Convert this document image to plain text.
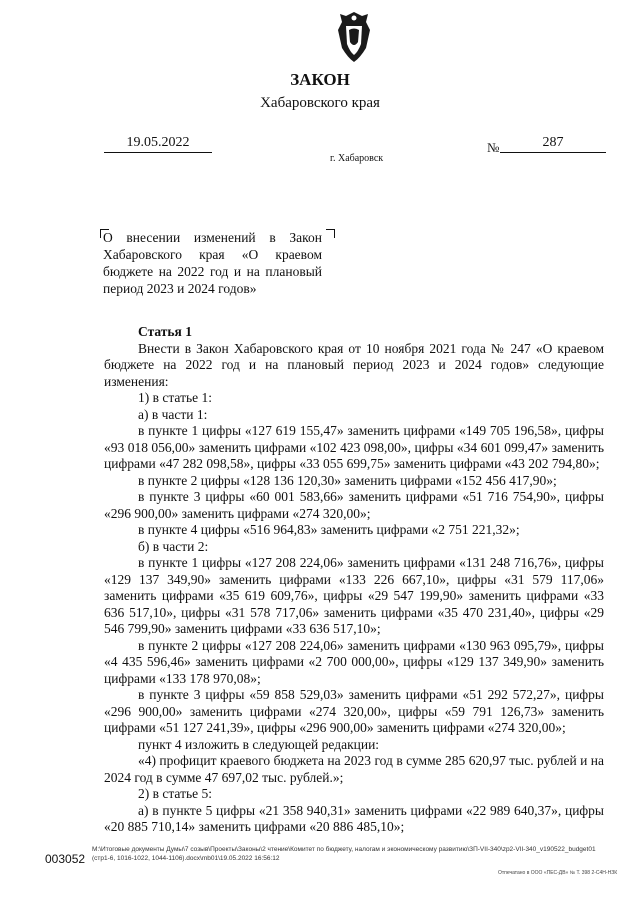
ЗАКОН
Хабаровского края
19.05.2022	№	287
г. Хабаровск
О внесении изменений в Закон Хабаровского края «О краевом бюджете на 2022 год и на плановый период 2023 и 2024 годов»

Статья 1

Внести в Закон Хабаровского края от 10 ноября 2021 года № 247 «О краевом бюджете на 2022 год и на плановый период 2023 и 2024 годов» следующие изменения:

1) в статье 1:

а) в части 1:

в пункте 1 цифры «127 619 155,47» заменить цифрами «149 705 196,58», цифры «93 018 056,00» заменить цифрами «102 423 098,00», цифры «34 601 099,47» заменить цифрами «47 282 098,58», цифры «33 055 699,75» заменить цифрами «43 202 794,80»;

в пункте 2 цифры «128 136 120,30» заменить цифрами «152 456 417,90»;

в пункте 3 цифры «60 001 583,66» заменить цифрами «51 716 754,90», цифры «296 900,00» заменить цифрами «274 320,00»;

в пункте 4 цифры «516 964,83» заменить цифрами «2 751 221,32»;

б) в части 2:

в пункте 1 цифры «127 208 224,06» заменить цифрами «131 248 716,76», цифры «129 137 349,90» заменить цифрами «133 226 667,10», цифры «31 579 117,06» заменить цифрами «35 619 609,76», цифры «29 547 199,90» заменить цифрами «33 636 517,10», цифры «31 578 717,06» заменить цифрами «35 470 231,40», цифры «29 546 799,90» заменить цифрами «33 636 517,10»;

в пункте 2 цифры «127 208 224,06» заменить цифрами «130 963 095,79», цифры «4 435 596,46» заменить цифрами «2 700 000,00», цифры «129 137 349,90» заменить цифрами «133 178 970,08»;

в пункте 3 цифры «59 858 529,03» заменить цифрами «51 292 572,27», цифры «296 900,00» заменить цифрами «274 320,00», цифры «59 791 126,73» заменить цифрами «51 127 241,39», цифры «296 900,00» заменить цифрами «274 320,00»;

пункт 4 изложить в следующей редакции:

«4) профицит краевого бюджета на 2023 год в сумме 285 620,97 тыс. рублей и на 2024 год в сумме 47 697,02 тыс. рублей.»;

2) в статье 5:

а) в пункте 5 цифры «21 358 940,31» заменить цифрами «22 989 640,37», цифры «20 885 710,14» заменить цифрами «20 886 485,10»;

003052
M:\Итоговые документы Думы\7 созыв\Проекты\Законы\2 чтение\Комитет по бюджету, налогам и экономическому развитию\ЗП-VII-340\zp2-VII-340_v190522_budget01 (стр1-6, 1016-1022, 1044-1106).docx\mb01\19.05.2022 16:56:12
Отпечатано в ООО «ПЕС-ДВ» № Т. 398 2-С4Н-НЗК
